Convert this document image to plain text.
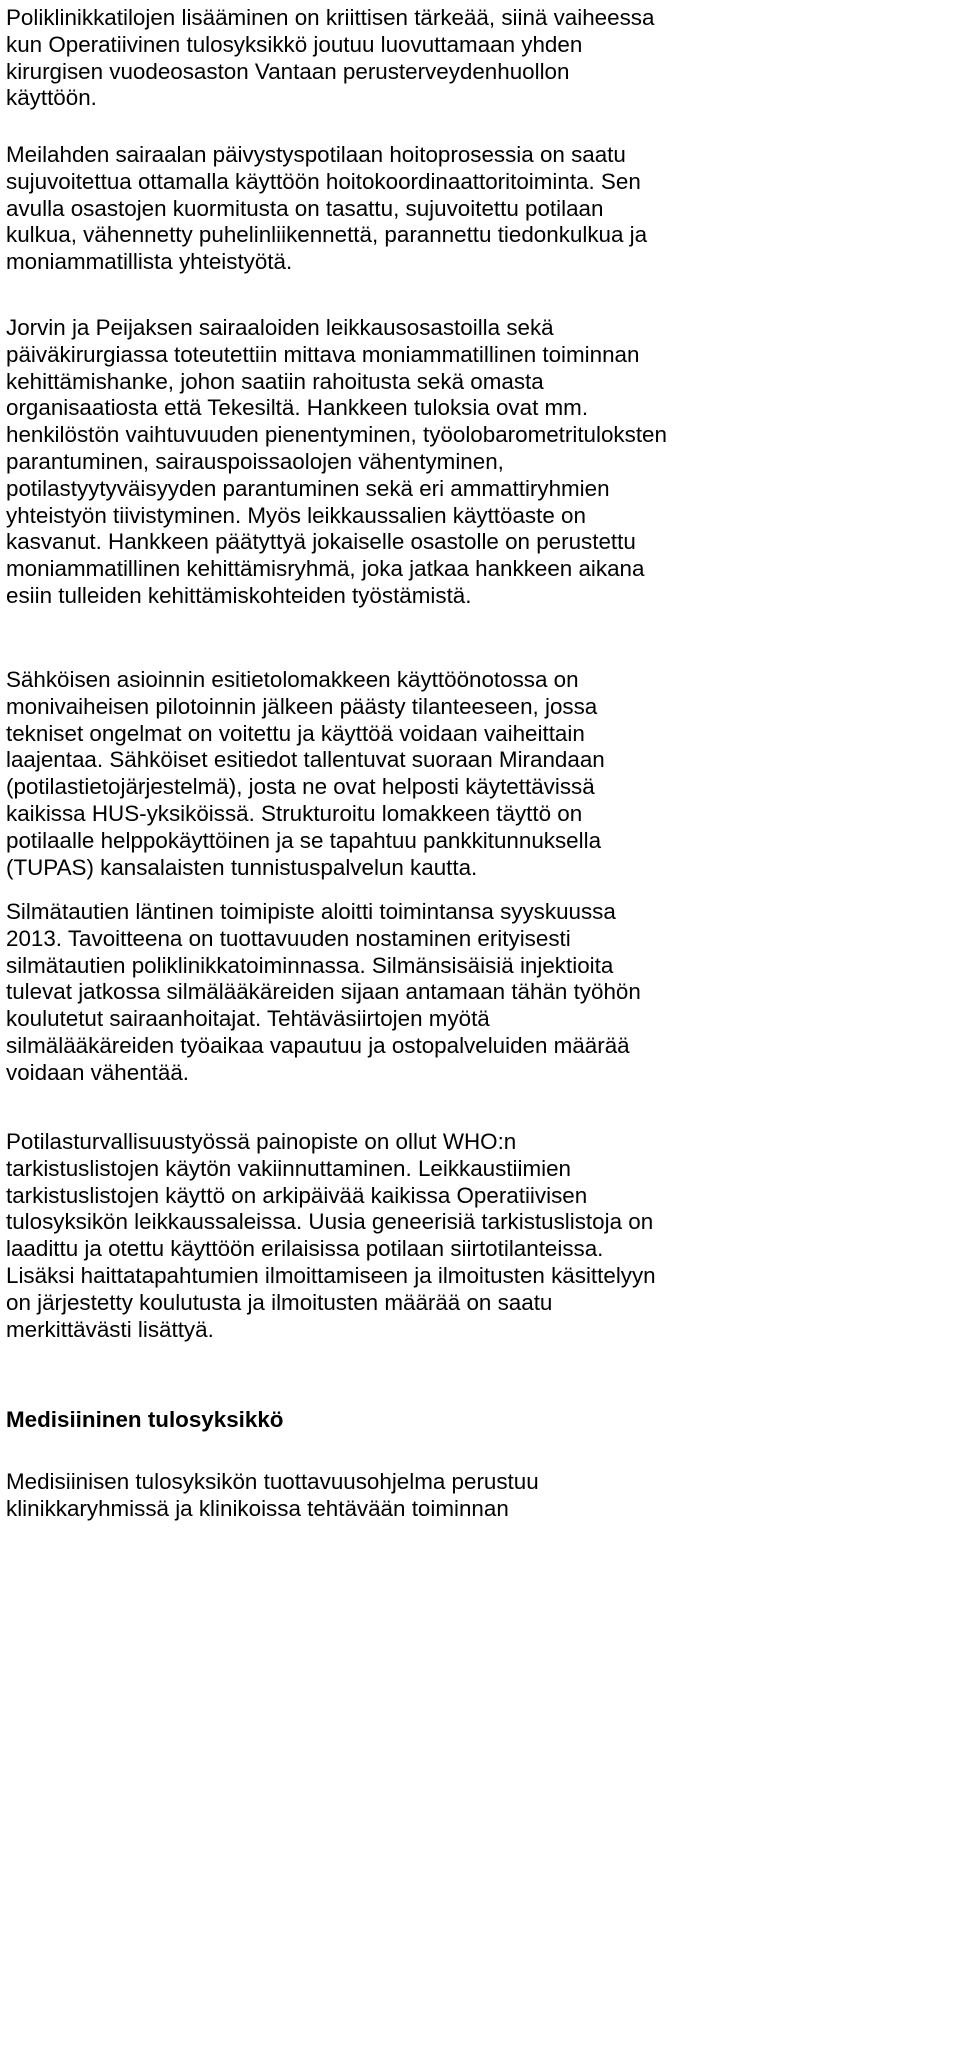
Poliklinikkatilojen lisääminen on kriittisen tärkeää, siinä vaiheessa
kun Operatiivinen tulosyksikkö joutuu luovuttamaan yhden
kirurgisen vuodeosaston Vantaan perusterveydenhuollon
käyttöön.
Meilahden sairaalan päivystyspotilaan hoitoprosessia on saatu
sujuvoitettua ottamalla käyttöön hoitokoordinaattoritoiminta. Sen
avulla osastojen kuormitusta on tasattu, sujuvoitettu potilaan
kulkua, vähennetty puhelinliikennettä, parannettu tiedonkulkua ja
moniammatillista yhteistyötä.
Jorvin ja Peijaksen sairaaloiden leikkausosastoilla sekä
päiväkirurgiassa toteutettiin mittava moniammatillinen toiminnan
kehittämishanke, johon saatiin rahoitusta sekä omasta
organisaatiosta että Tekesiltä. Hankkeen tuloksia ovat mm.
henkilöstön vaihtuvuuden pienentyminen, työolobarometrituloksten
parantuminen, sairauspoissaolojen vähentyminen,
potilastyytyväisyyden parantuminen sekä eri ammattiryhmien
yhteistyön tiivistyminen. Myös leikkaussalien käyttöaste on
kasvanut. Hankkeen päätyttyä jokaiselle osastolle on perustettu
moniammatillinen kehittämisryhmä, joka jatkaa hankkeen aikana
esiin tulleiden kehittämiskohteiden työstämistä.
Sähköisen asioinnin esitietolomakkeen käyttöönotossa on
monivaiheisen pilotoinnin jälkeen päästy tilanteeseen, jossa
tekniset ongelmat on voitettu ja käyttöä voidaan vaiheittain
laajentaa. Sähköiset esitiedot tallentuvat suoraan Mirandaan
(potilastietojärjestelmä), josta ne ovat helposti käytettävissä
kaikissa HUS-yksiköissä. Strukturoitu lomakkeen täyttö on
potilaalle helppokäyttöinen ja se tapahtuu pankkitunnuksella
(TUPAS) kansalaisten tunnistuspalvelun kautta.
Silmätautien läntinen toimipiste aloitti toimintansa syyskuussa
2013. Tavoitteena on tuottavuuden nostaminen erityisesti
silmätautien poliklinikkatoiminnassa. Silmänsisäisiä injektioita
tulevat jatkossa silmälääkäreiden sijaan antamaan tähän työhön
koulutetut sairaanhoitajat. Tehtäväsiirtojen myötä
silmälääkäreiden työaikaa vapautuu ja ostopalveluiden määrää
voidaan vähentää.
Potilasturvallisuustyössä painopiste on ollut WHO:n
tarkistuslistojen käytön vakiinnuttaminen. Leikkaustiimien
tarkistuslistojen käyttö on arkipäivää kaikissa Operatiivisen
tulosyksikön leikkaussaleissa. Uusia geneerisiä tarkistuslistoja on
laadittu ja otettu käyttöön erilaisissa potilaan siirtotilanteissa.
Lisäksi haittatapahtumien ilmoittamiseen ja ilmoitusten käsittelyyn
on järjestetty koulutusta ja ilmoitusten määrää on saatu
merkittävästi lisättyä.
Medisiininen tulosyksikkö
Medisiinisen tulosyksikön tuottavuusohjelma perustuu
klinikkaryhmissä ja klinikoissa tehtävään toiminnan
